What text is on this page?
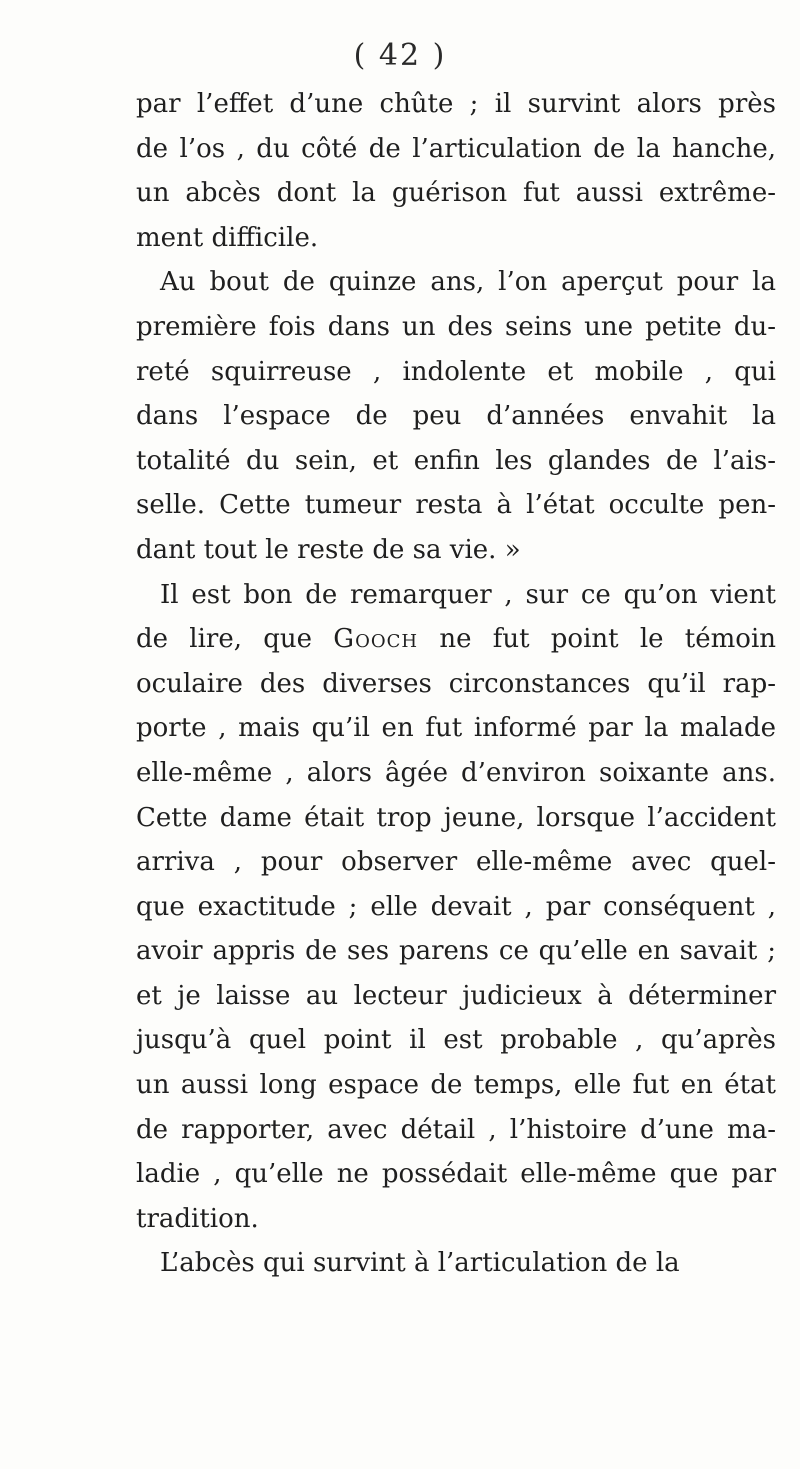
( 42 )
par l’effet d’une chûte ; il survint alors près
de l’os , du côté de l’articulation de la hanche,
un abcès dont la guérison fut aussi extrême-
ment difficile.
Au bout de quinze ans, l’on aperçut pour la
première fois dans un des seins une petite du-
reté squirreuse , indolente et mobile , qui
dans l’espace de peu d’années envahit la
totalité du sein, et enfin les glandes de l’ais-
selle. Cette tumeur resta à l’état occulte pen-
dant tout le reste de sa vie. »
Il est bon de remarquer , sur ce qu’on vient
de lire, que Gooch ne fut point le témoin
oculaire des diverses circonstances qu’il rap-
porte , mais qu’il en fut informé par la malade
elle-même , alors âgée d’environ soixante ans.
Cette dame était trop jeune, lorsque l’accident
arriva , pour observer elle-même avec quel-
que exactitude ; elle devait , par conséquent ,
avoir appris de ses parens ce qu’elle en savait ;
et je laisse au lecteur judicieux à déterminer
jusqu’à quel point il est probable , qu’après
un aussi long espace de temps, elle fut en état
de rapporter, avec détail , l’histoire d’une ma-
ladie , qu’elle ne possédait elle-même que par
tradition.
L’abcès qui survint à l’articulation de la
